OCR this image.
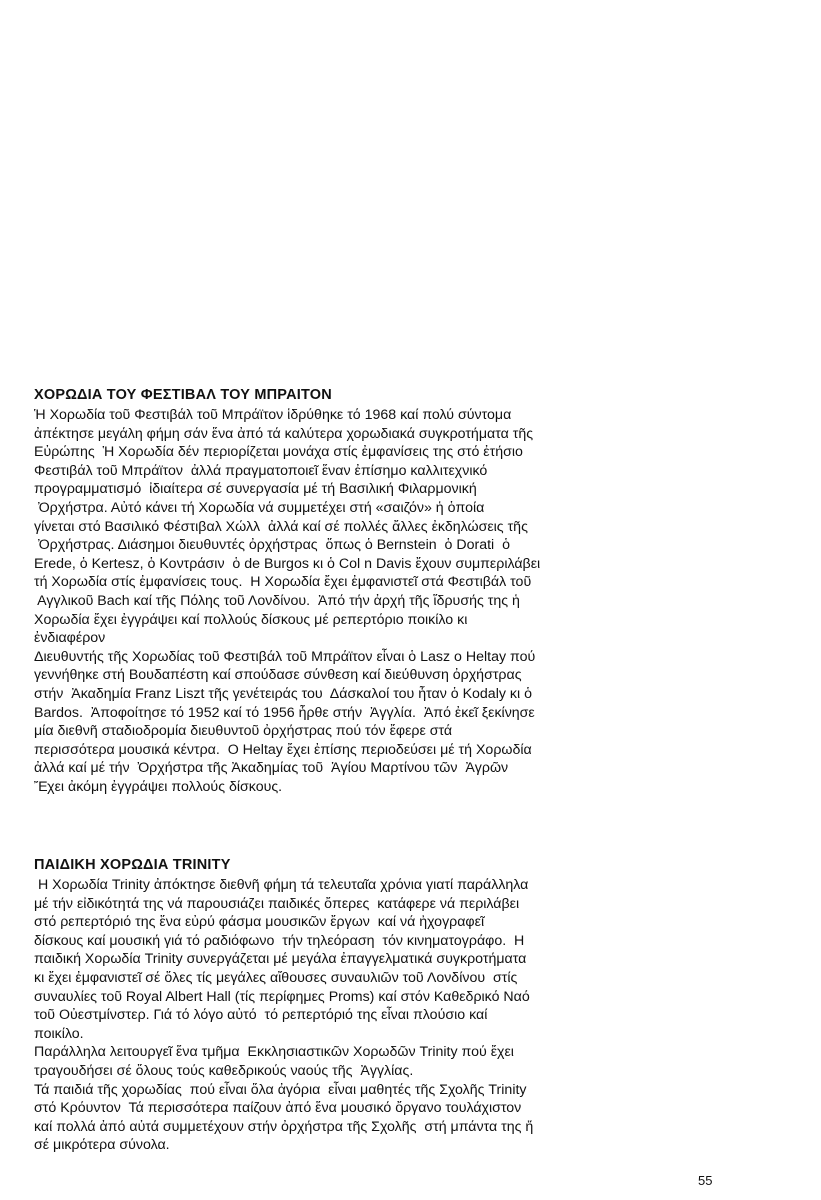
ΧΟΡΩΔΙΑ ΤΟΥ ΦΕΣΤΙΒΑΛ ΤΟΥ ΜΠΡΑΙΤΟΝ
Ἡ Χορωδία τοῦ Φεστιβάλ τοῦ Μπράϊτον ἱδρύθηκε τό 1968 καί πολύ σύντομα
ἀπέκτησε μεγάλη φήμη σάν ἕνα ἀπό τά καλύτερα χορωδιακά συγκροτήματα τῆς
Εὐρώπης  Ἡ Χορωδία δέν περιορίζεται μονάχα στίς ἐμφανίσεις της στό ἐτήσιο
Φεστιβάλ τοῦ Μπράϊτον  ἀλλά πραγματοποιεῖ ἕναν ἐπίσημο καλλιτεχνικό
προγραμματισμό  ἰδιαίτερα σέ συνεργασία μέ τή Βασιλική Φιλαρμονική
Ὀρχήστρα. Αὐτό κάνει τή Χορωδία νά συμμετέχει στή «σαιζόν» ἡ ὁποία
γίνεται στό Βασιλικό Φέστιβαλ Χώλλ  ἀλλά καί σέ πολλές ἄλλες ἐκδηλώσεις τῆς
Ὀρχήστρας. Διάσημοι διευθυντές ὀρχήστρας  ὅπως ὁ Bernstein  ὁ Dorati  ὁ
Erede, ὁ Kertesz, ὁ Κοντράσιν  ὁ de Burgos κι ὁ Col n Davis ἔχουν συμπεριλάβει
τή Χορωδία στίς ἐμφανίσεις τους.  Η Χορωδία ἔχει ἐμφανιστεῖ στά Φεστιβάλ τοῦ
Αγγλικοῦ Bach καί τῆς Πόλης τοῦ Λονδίνου.  Ἀπό τήν ἀρχή τῆς ἵδρυσής της ἡ
Χορωδία ἔχει ἐγγράψει καί πολλούς δίσκους μέ ρεπερτόριο ποικίλο κι
ἐνδιαφέρον
Διευθυντής τῆς Χορωδίας τοῦ Φεστιβάλ τοῦ Μπράϊτον εἶναι ὁ Lasz o Heltay πού
γεννήθηκε στή Βουδαπέστη καί σπούδασε σύνθεση καί διεύθυνση ὀρχήστρας
στήν  Ἀκαδημία Franz Liszt τῆς γενέτειράς του  Δάσκαλοί του ἦταν ὁ Kodaly κι ὁ
Bardos.  Ἀποφοίτησε τό 1952 καί τό 1956 ἦρθε στήν  Ἀγγλία.  Ἀπό ἐκεῖ ξεκίνησε
μία διεθνῆ σταδιοδρομία διευθυντοῦ ὀρχήστρας πού τόν ἔφερε στά
περισσότερα μουσικά κέντρα.  Ο Heltay ἔχει ἐπίσης περιοδεύσει μέ τή Χορωδία
ἀλλά καί μέ τήν  Ὀρχήστρα τῆς Ἀκαδημίας τοῦ  Ἁγίου Μαρτίνου τῶν  Ἀγρῶν
Ἔχει ἀκόμη ἐγγράψει πολλούς δίσκους.
ΠΑΙΔΙΚΗ ΧΟΡΩΔΙΑ TRINITY
Η Χορωδία Trinity ἀπόκτησε διεθνῆ φήμη τά τελευταῖα χρόνια γιατί παράλληλα
μέ τήν εἰδικότητά της νά παρουσιάζει παιδικές ὄπερες  κατάφερε νά περιλάβει
στό ρεπερτόριό της ἕνα εὐρύ φάσμα μουσικῶν ἔργων  καί νά ἠχογραφεῖ
δίσκους καί μουσική γιά τό ραδιόφωνο  τήν τηλεόραση  τόν κινηματογράφο.  Η
παιδική Χορωδία Trinity συνεργάζεται μέ μεγάλα ἐπαγγελματικά συγκροτήματα
κι ἔχει ἐμφανιστεῖ σέ ὅλες τίς μεγάλες αἴθουσες συναυλιῶν τοῦ Λονδίνου  στίς
συναυλίες τοῦ Royal Albert Hall (τίς περίφημες Proms) καί στόν Καθεδρικό Ναό
τοῦ Οὐεστμίνστερ. Γιά τό λόγο αὐτό  τό ρεπερτόριό της εἶναι πλούσιο καί
ποικίλο.
Παράλληλα λειτουργεῖ ἕνα τμῆμα  Εκκλησιαστικῶν Χορωδῶν Trinity πού ἔχει
τραγουδήσει σέ ὅλους τούς καθεδρικούς ναούς τῆς  Ἀγγλίας.
Τά παιδιά τῆς χορωδίας  πού εἶναι ὅλα ἀγόρια  εἶναι μαθητές τῆς Σχολῆς Trinity
στό Κρόυντον  Τά περισσότερα παίζουν ἀπό ἕνα μουσικό ὄργανο τουλάχιστον
καί πολλά ἀπό αὐτά συμμετέχουν στήν ὀρχήστρα τῆς Σχολῆς  στή μπάντα της ἤ
σέ μικρότερα σύνολα.
55
